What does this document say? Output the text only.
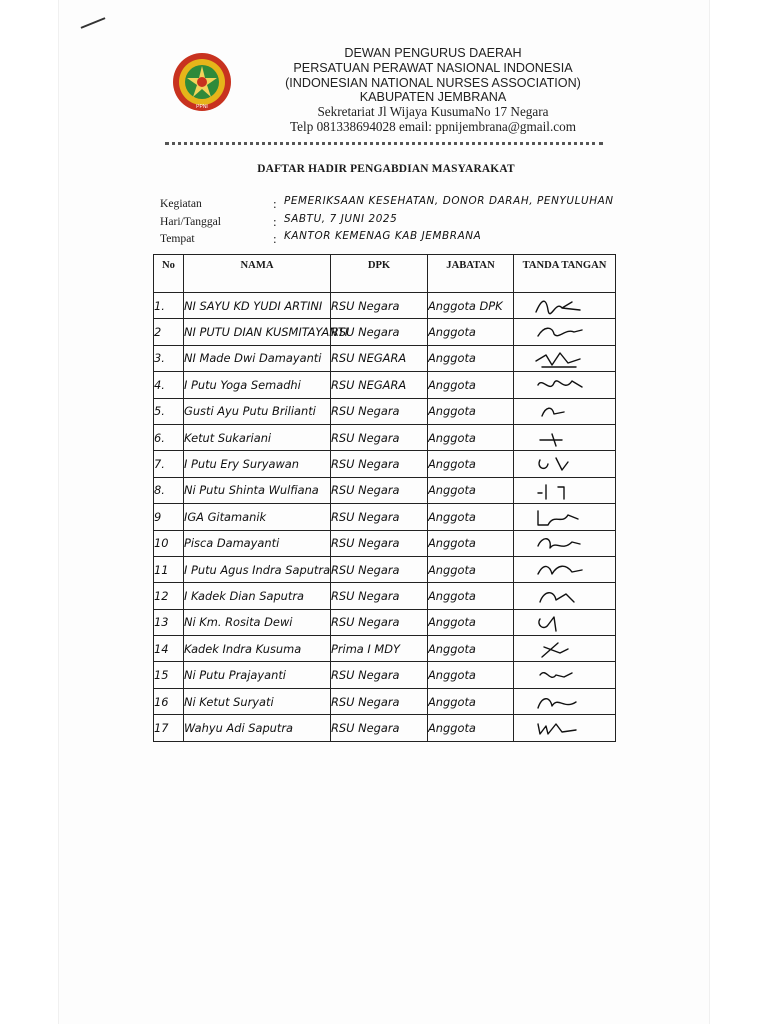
PPNI
DEWAN PENGURUS DAERAH
PERSATUAN PERAWAT NASIONAL INDONESIA
(INDONESIAN NATIONAL NURSES ASSOCIATION)
KABUPATEN JEMBRANA
Sekretariat Jl Wijaya KusumaNo 17 Negara
Telp 081338694028 email: ppnijembrana@gmail.com
DAFTAR HADIR PENGABDIAN MASYARAKAT
Kegiatan	: PEMERIKSAAN KESEHATAN, DONOR DARAH, PENYULUHAN
Hari/Tanggal	: SABTU, 7 JUNI 2025
Tempat	: KANTOR KEMENAG KAB JEMBRANA
No	NAMA	DPK	JABATAN	TANDA TANGAN
1.	NI SAYU KD YUDI ARTINI	RSU Negara	Anggota DPK	

2	NI PUTU DIAN KUSMITAYANTI	RSU Negara	Anggota	

3.	NI Made Dwi Damayanti	RSU NEGARA	Anggota	

4.	I Putu Yoga Semadhi	RSU NEGARA	Anggota	

5.	Gusti Ayu Putu Brilianti	RSU Negara	Anggota	

6.	Ketut Sukariani	RSU Negara	Anggota	

7.	I Putu Ery Suryawan	RSU Negara	Anggota	

8.	Ni Putu Shinta Wulfiana	RSU Negara	Anggota	

9	IGA Gitamanik	RSU Negara	Anggota	

10	Pisca Damayanti	RSU Negara	Anggota	

11	I Putu Agus Indra Saputra	RSU Negara	Anggota	

12	I Kadek Dian Saputra	RSU Negara	Anggota	

13	Ni Km. Rosita Dewi	RSU Negara	Anggota	

14	Kadek Indra Kusuma	Prima I MDY	Anggota	

15	Ni Putu Prajayanti	RSU Negara	Anggota	

16	Ni Ketut Suryati	RSU Negara	Anggota	

17	Wahyu Adi Saputra	RSU Negara	Anggota	
